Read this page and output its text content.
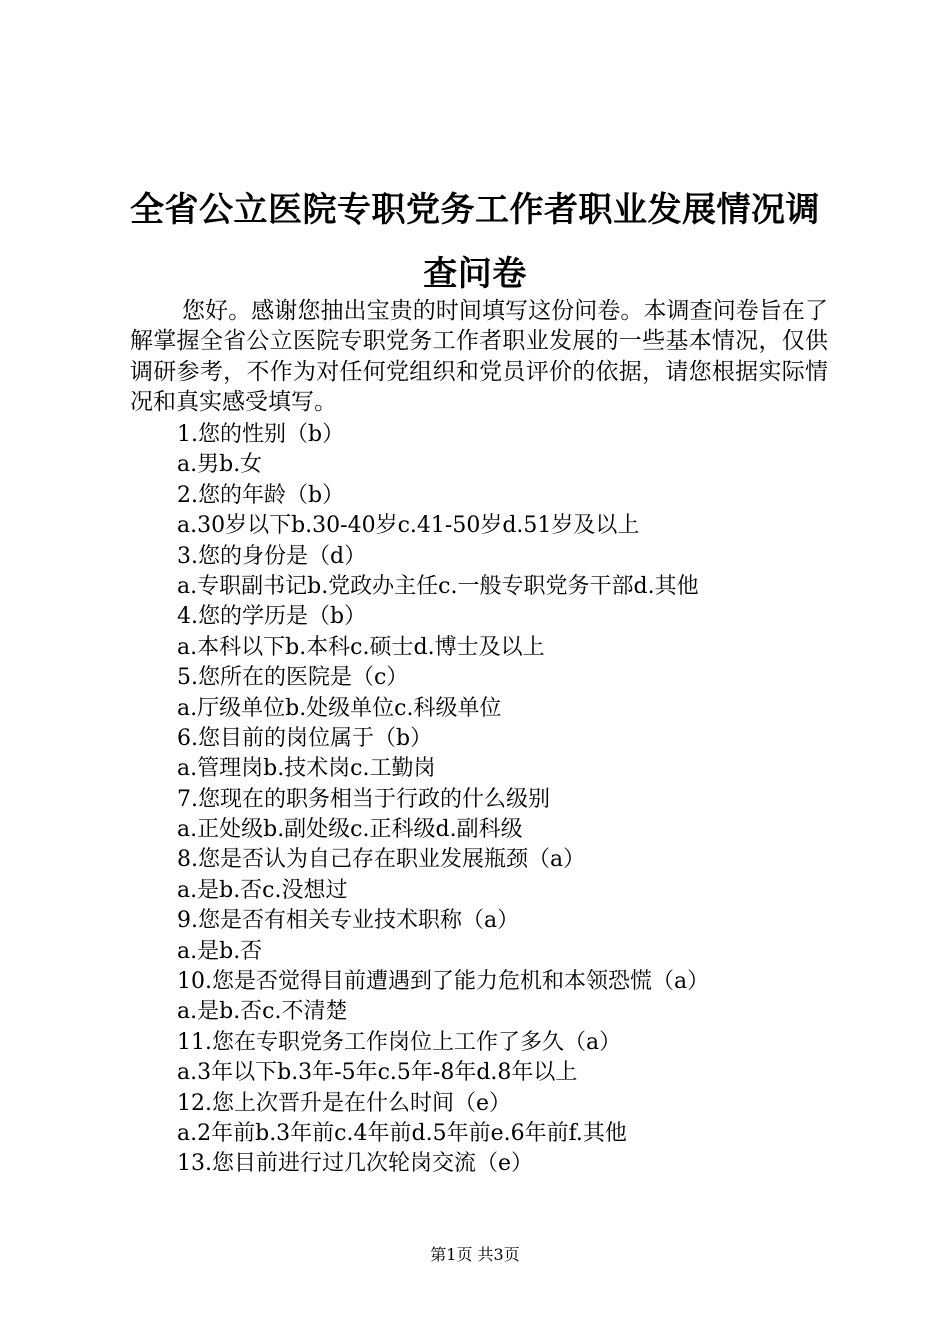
全省公立医院专职党务工作者职业发展情况调
查问卷

您好。感谢您抽出宝贵的时间填写这份问卷。本调查问卷旨在了解掌握全省公立医院专职党务工作者职业发展的一些基本情况，仅供调研参考，不作为对任何党组织和党员评价的依据，请您根据实际情况和真实感受填写。

1.您的性别（b）
a.男b.女
2.您的年龄（b）
a.30岁以下b.30-40岁c.41-50岁d.51岁及以上
3.您的身份是（d）
a.专职副书记b.党政办主任c.一般专职党务干部d.其他
4.您的学历是（b）
a.本科以下b.本科c.硕士d.博士及以上
5.您所在的医院是（c）
a.厅级单位b.处级单位c.科级单位
6.您目前的岗位属于（b）
a.管理岗b.技术岗c.工勤岗
7.您现在的职务相当于行政的什么级别
a.正处级b.副处级c.正科级d.副科级
8.您是否认为自己存在职业发展瓶颈（a）
a.是b.否c.没想过
9.您是否有相关专业技术职称（a）
a.是b.否
10.您是否觉得目前遭遇到了能力危机和本领恐慌（a）
a.是b.否c.不清楚
11.您在专职党务工作岗位上工作了多久（a）
a.3年以下b.3年-5年c.5年-8年d.8年以上
12.您上次晋升是在什么时间（e）
a.2年前b.3年前c.4年前d.5年前e.6年前f.其他
13.您目前进行过几次轮岗交流（e）
第1页 共3页
